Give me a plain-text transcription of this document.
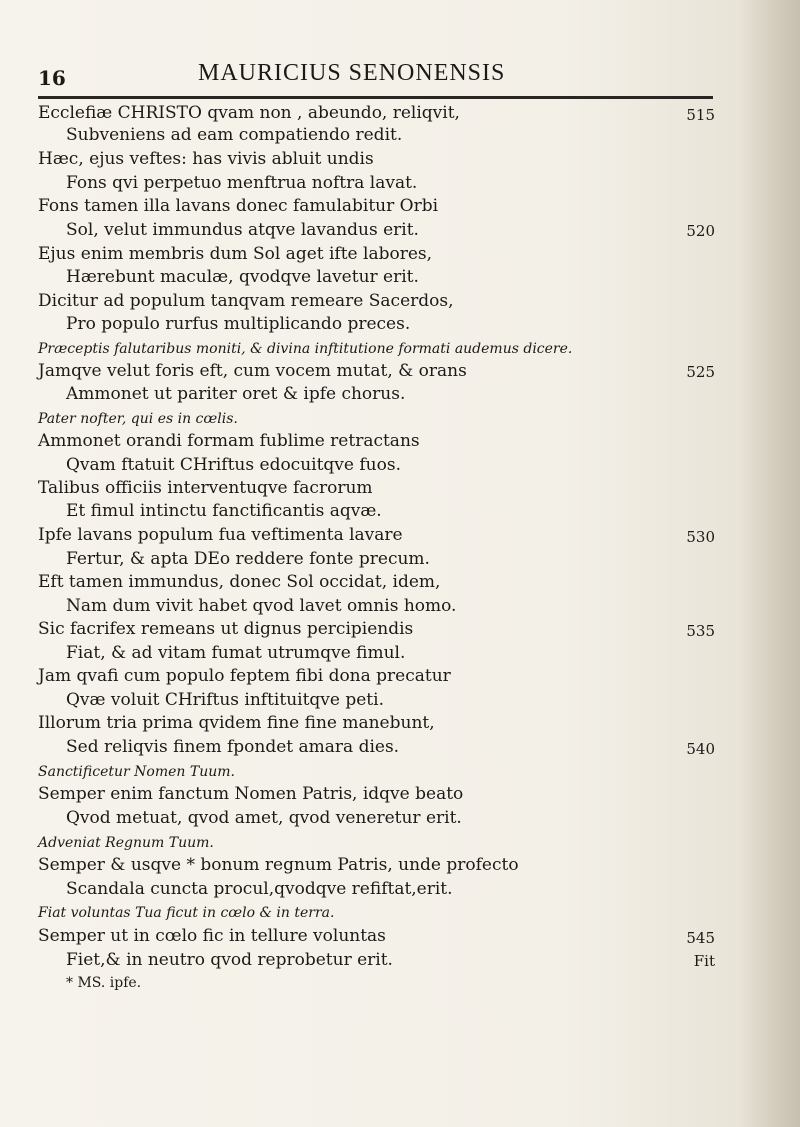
16	MAURICIUS SENONENSIS
Ecclefiæ CHRISTO qvam non , abeundo, reliqvit,
Subveniens ad eam compatiendo redit.
Hæc, ejus veftes: has vivis abluit undis
Fons qvi perpetuo menftrua noftra lavat.
Fons tamen illa lavans donec famulabitur Orbi
Sol, velut immundus atqve lavandus erit.
Ejus enim membris dum Sol aget ifte labores,
Hærebunt maculæ, qvodqve lavetur erit.
Dicitur ad populum tanqvam remeare Sacerdos,
Pro populo rurfus multiplicando preces.
Præceptis falutaribus moniti, & divina inftitutione formati audemus dicere.
Jamqve velut foris eft, cum vocem mutat, & orans
Ammonet ut pariter oret & ipfe chorus.
Pater nofter, qui es in cœlis.
Ammonet orandi formam fublime retractans
Qvam ftatuit CHriftus edocuitqve fuos.
Talibus officiis interventuqve facrorum
Et fimul intinctu fanctificantis aqvæ.
Ipfe lavans populum fua veftimenta lavare
Fertur, & apta DEo reddere fonte precum.
Eft tamen immundus, donec Sol occidat, idem,
Nam dum vivit habet qvod lavet omnis homo.
Sic facrifex remeans ut dignus percipiendis
Fiat, & ad vitam fumat utrumqve fimul.
Jam qvafi cum populo feptem fibi dona precatur
Qvæ voluit CHriftus inftituitqve peti.
Illorum tria prima qvidem fine fine manebunt,
Sed reliqvis finem fpondet amara dies.
Sanctificetur Nomen Tuum.
Semper enim fanctum Nomen Patris, idqve beato
Qvod metuat, qvod amet, qvod veneretur erit.
Adveniat Regnum Tuum.
Semper & usqve * bonum regnum Patris, unde profecto
Scandala cuncta procul,qvodqve refiftat,erit.
Fiat voluntas Tua ficut in cœlo & in terra.
Semper ut in cœlo fic in tellure voluntas
Fiet,& in neutro qvod reprobetur erit.
* MS. ipfe.
515
520
525
530
535
540
545
Fit
